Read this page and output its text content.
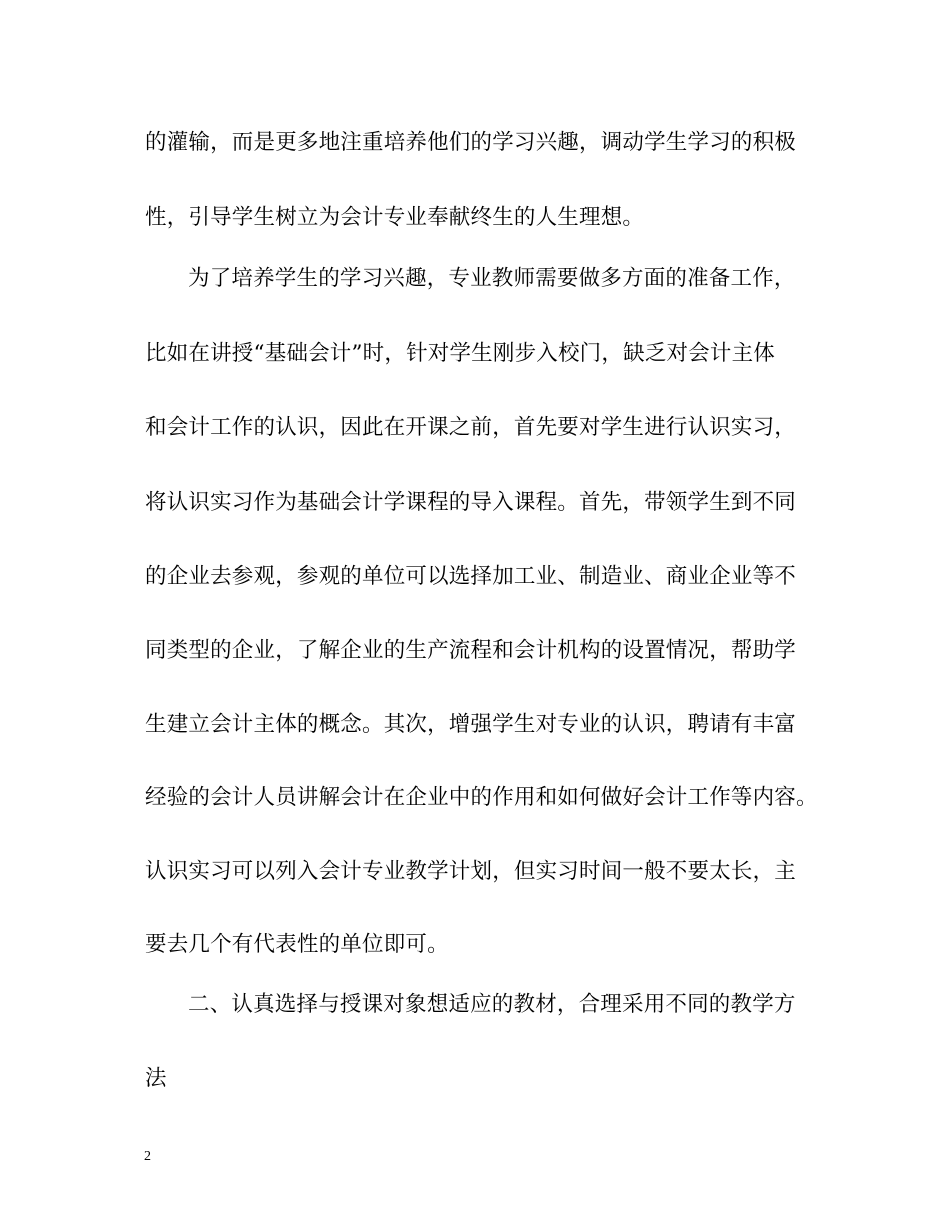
的灌输，而是更多地注重培养他们的学习兴趣，调动学生学习的积极
性，引导学生树立为会计专业奉献终生的人生理想。
为了培养学生的学习兴趣，专业教师需要做多方面的准备工作，
比如在讲授“基础会计”时，针对学生刚步入校门，缺乏对会计主体
和会计工作的认识，因此在开课之前，首先要对学生进行认识实习，
将认识实习作为基础会计学课程的导入课程。首先，带领学生到不同
的企业去参观，参观的单位可以选择加工业、制造业、商业企业等不
同类型的企业，了解企业的生产流程和会计机构的设置情况，帮助学
生建立会计主体的概念。其次，增强学生对专业的认识，聘请有丰富
经验的会计人员讲解会计在企业中的作用和如何做好会计工作等内容。
认识实习可以列入会计专业教学计划，但实习时间一般不要太长，主
要去几个有代表性的单位即可。
二、认真选择与授课对象想适应的教材，合理采用不同的教学方
法
2
